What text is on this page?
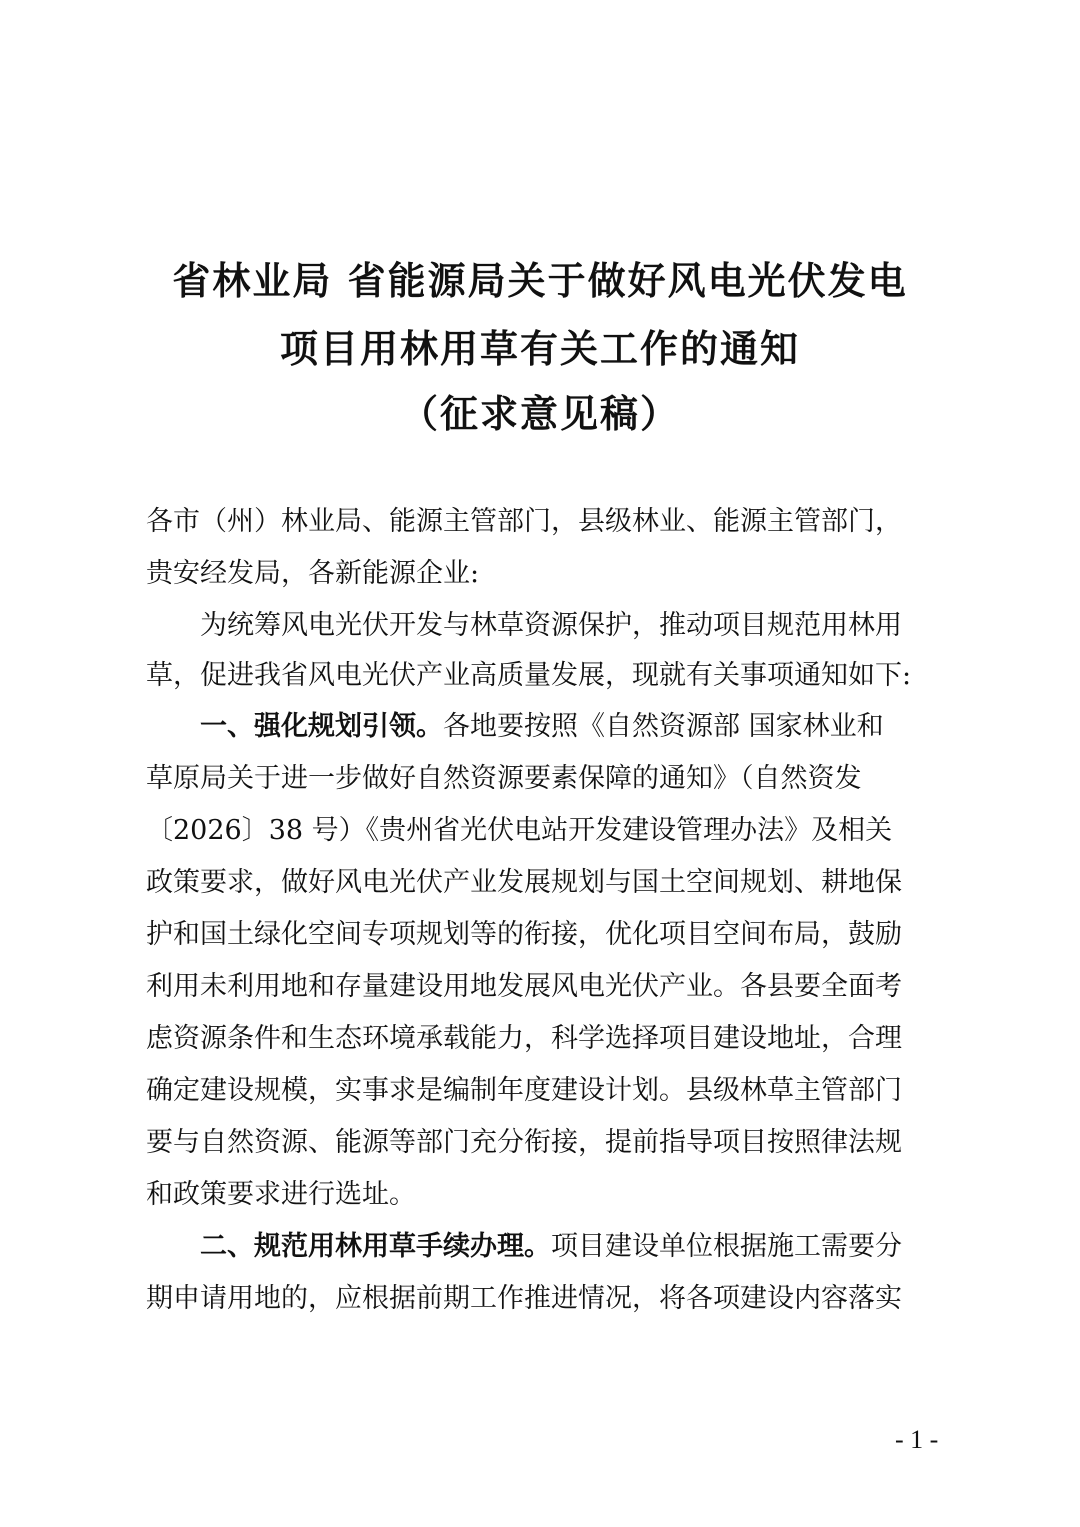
省林业局 省能源局关于做好风电光伏发电
项目用林用草有关工作的通知
（征求意见稿）
各市（州）林业局、能源主管部门，县级林业、能源主管部门，
贵安经发局，各新能源企业:
为统筹风电光伏开发与林草资源保护，推动项目规范用林用
草，促进我省风电光伏产业高质量发展，现就有关事项通知如下:
一、强化规划引领。各地要按照《自然资源部 国家林业和
草原局关于进一步做好自然资源要素保障的通知》（自然资发
〔2026〕38 号）《贵州省光伏电站开发建设管理办法》及相关
政策要求，做好风电光伏产业发展规划与国土空间规划、耕地保
护和国土绿化空间专项规划等的衔接，优化项目空间布局，鼓励
利用未利用地和存量建设用地发展风电光伏产业。各县要全面考
虑资源条件和生态环境承载能力，科学选择项目建设地址，合理
确定建设规模，实事求是编制年度建设计划。县级林草主管部门
要与自然资源、能源等部门充分衔接，提前指导项目按照律法规
和政策要求进行选址。
二、规范用林用草手续办理。项目建设单位根据施工需要分
期申请用地的，应根据前期工作推进情况，将各项建设内容落实
- 1 -
